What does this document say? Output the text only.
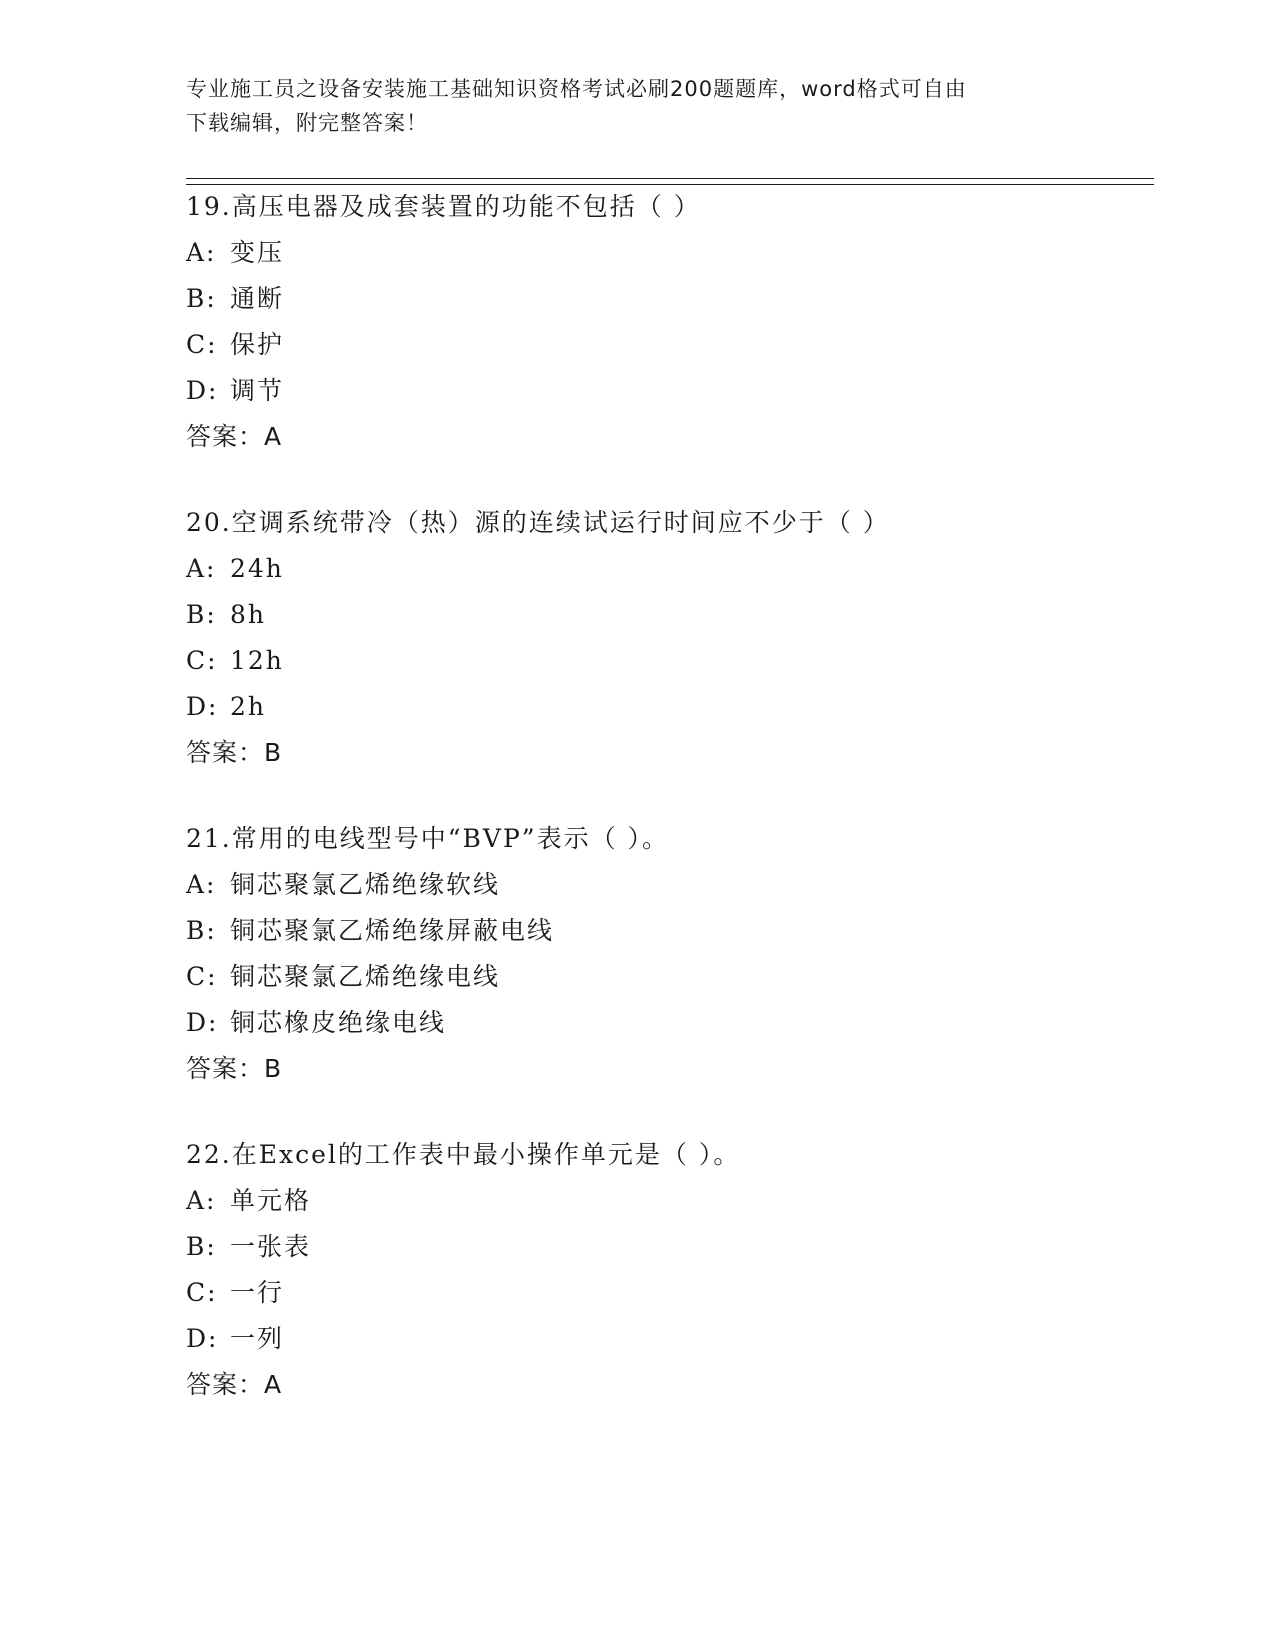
专业施工员之设备安装施工基础知识资格考试必刷200题题库，word格式可自由
下载编辑，附完整答案！
19.高压电器及成套装置的功能不包括（ ）
A: 变压
B: 通断
C: 保护
D: 调节
答案：A
20.空调系统带冷（热）源的连续试运行时间应不少于（ ）
A: 24h
B: 8h
C: 12h
D: 2h
答案：B
21.常用的电线型号中“BVP”表示（ ）。
A: 铜芯聚氯乙烯绝缘软线
B: 铜芯聚氯乙烯绝缘屏蔽电线
C: 铜芯聚氯乙烯绝缘电线
D: 铜芯橡皮绝缘电线
答案：B
22.在Excel的工作表中最小操作单元是（ ）。
A: 单元格
B: 一张表
C: 一行
D: 一列
答案：A
